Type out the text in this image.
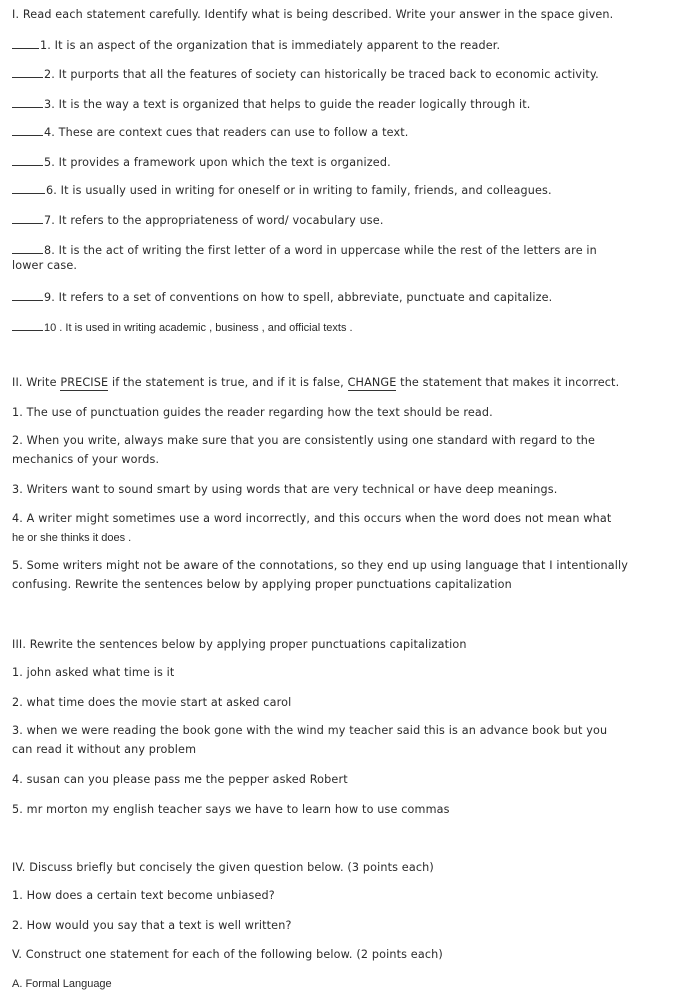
I. Read each statement carefully. Identify what is being described. Write your answer in the space given.
1. It is an aspect of the organization that is immediately apparent to the reader.
2. It purports that all the features of society can historically be traced back to economic activity.
3. It is the way a text is organized that helps to guide the reader logically through it.
4. These are context cues that readers can use to follow a text.
5. It provides a framework upon which the text is organized.
6. It is usually used in writing for oneself or in writing to family, friends, and colleagues.
7. It refers to the appropriateness of word/ vocabulary use.
8. It is the act of writing the first letter of a word in uppercase while the rest of the letters are in
lower case.
9. It refers to a set of conventions on how to spell, abbreviate, punctuate and capitalize.
10 . It is used in writing academic , business , and official texts .
II. Write PRECISE if the statement is true, and if it is false, CHANGE the statement that makes it incorrect.
1. The use of punctuation guides the reader regarding how the text should be read.
2. When you write, always make sure that you are consistently using one standard with regard to the mechanics of your words.
3. Writers want to sound smart by using words that are very technical or have deep meanings.
4. A writer might sometimes use a word incorrectly, and this occurs when the word does not mean what
he or she thinks it does .
5. Some writers might not be aware of the connotations, so they end up using language that I intentionally confusing. Rewrite the sentences below by applying proper punctuations capitalization
III. Rewrite the sentences below by applying proper punctuations capitalization
1. john asked what time is it
2. what time does the movie start at asked carol
3. when we were reading the book gone with the wind my teacher said this is an advance book but you can read it without any problem
4. susan can you please pass me the pepper asked Robert
5. mr morton my english teacher says we have to learn how to use commas
IV. Discuss briefly but concisely the given question below. (3 points each)
1. How does a certain text become unbiased?
2. How would you say that a text is well written?
V. Construct one statement for each of the following below. (2 points each)
A. Formal Language
